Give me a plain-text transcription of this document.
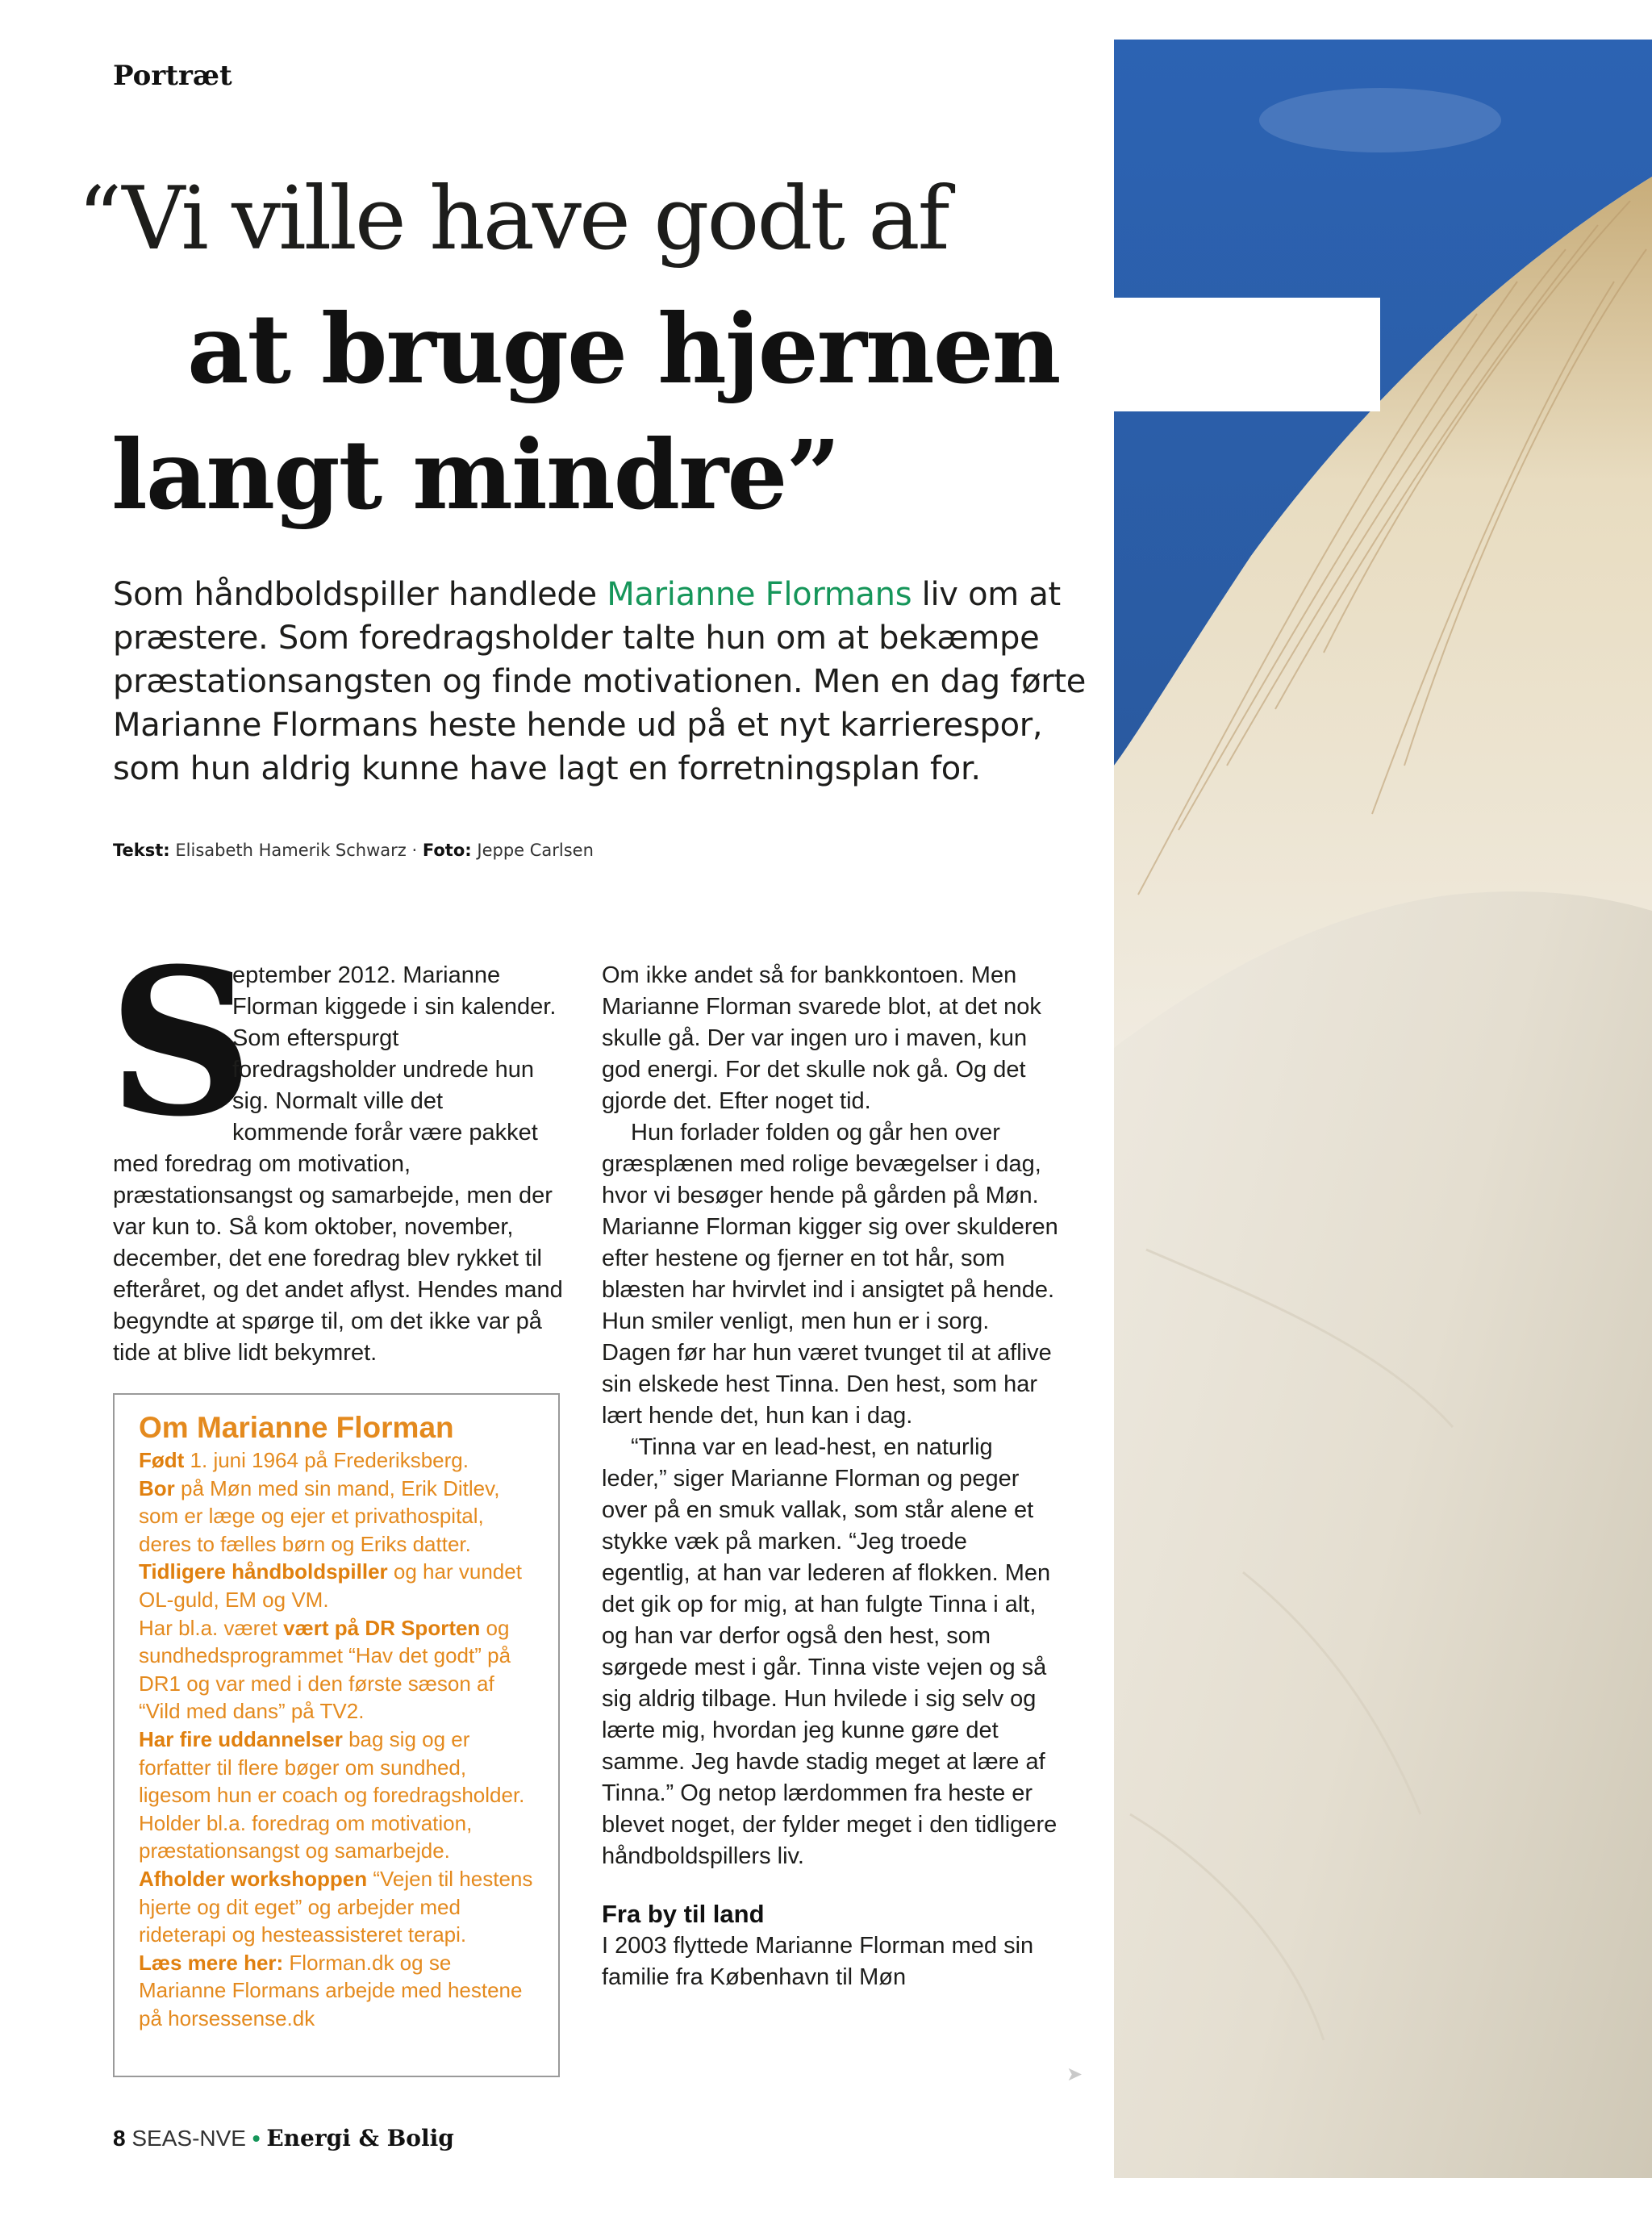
Portræt
“Vi ville have godt af
at bruge hjernen
langt mindre”
Som håndboldspiller handlede Marianne Flormans liv om at præstere. Som foredragsholder talte hun om at bekæmpe præstationsangsten og finde motivationen. Men en dag førte Marianne Flormans heste hende ud på et nyt karrierespor, som hun aldrig kunne have lagt en forretningsplan for.
Tekst: Elisabeth Hamerik Schwarz · Foto: Jeppe Carlsen
S

eptember 2012. Marianne Florman kiggede i sin kalender. Som efterspurgt foredragsholder undrede hun sig. Normalt ville det kommende forår være pakket med foredrag om motivation, præstationsangst og samarbejde, men der var kun to. Så kom oktober, november, december, det ene foredrag blev rykket til efteråret, og det andet aflyst. Hendes mand begyndte at spørge til, om det ikke var på tide at blive lidt bekymret.

Om Marianne Florman
Født 1. juni 1964 på Frederiksberg.
Bor på Møn med sin mand, Erik Ditlev, som er læge og ejer et privathospital, deres to fælles børn og Eriks datter.
Tidligere håndboldspiller og har vundet OL-guld, EM og VM.
Har bl.a. været vært på DR Sporten og sundhedsprogrammet “Hav det godt” på DR1 og var med i den første sæson af “Vild med dans” på TV2.
Har fire uddannelser bag sig og er forfatter til flere bøger om sundhed, ligesom hun er coach og foredragsholder. Holder bl.a. foredrag om motivation, præstationsangst og samarbejde.
Afholder workshoppen “Vejen til hestens hjerte og dit eget” og arbejder med rideterapi og hesteassisteret terapi.
Læs mere her: Florman.dk og se Marianne Flormans arbejde med hestene på horsessense.dk

Om ikke andet så for bankkontoen. Men Marianne Florman svarede blot, at det nok skulle gå. Der var ingen uro i maven, kun god energi. For det skulle nok gå. Og det gjorde det. Efter noget tid.

Hun forlader folden og går hen over græsplænen med rolige bevægelser i dag, hvor vi besøger hende på gården på Møn. Marianne Florman kigger sig over skulderen efter hestene og fjerner en tot hår, som blæsten har hvirvlet ind i ansigtet på hende. Hun smiler venligt, men hun er i sorg. Dagen før har hun været tvunget til at aflive sin elskede hest Tinna. Den hest, som har lært hende det, hun kan i dag.

“Tinna var en lead-hest, en naturlig leder,” siger Marianne Florman og peger over på en smuk vallak, som står alene et stykke væk på marken. “Jeg troede egentlig, at han var lederen af flokken. Men det gik op for mig, at han fulgte Tinna i alt, og han var derfor også den hest, som sørgede mest i går. Tinna viste vejen og så sig aldrig tilbage. Hun hvilede i sig selv og lærte mig, hvordan jeg kunne gøre det samme. Jeg havde stadig meget at lære af Tinna.” Og netop lærdommen fra heste er blevet noget, der fylder meget i den tidligere håndboldspillers liv.

Fra by til land

I 2003 flyttede Marianne Florman med sin familie fra København til Møn

➤
8 SEAS-NVE • Energi & Bolig
